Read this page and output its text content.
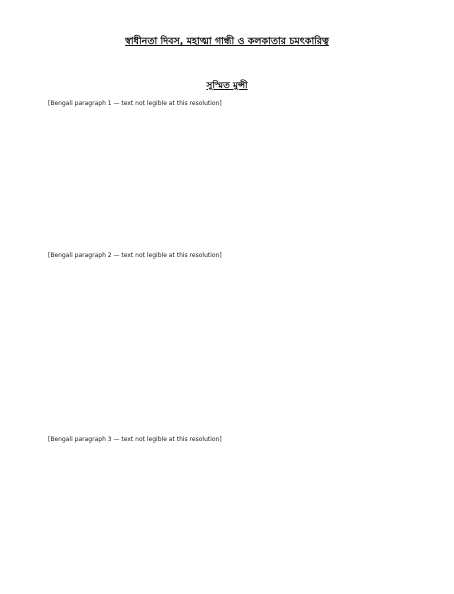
স্বাধীনতা দিবস, মহাত্মা গান্ধী ও কলকাতার চমৎকারিত্ব
সুস্মিত মুন্সী
[Bengali paragraph 1 — text not legible at this resolution]
[Bengali paragraph 2 — text not legible at this resolution]
[Bengali paragraph 3 — text not legible at this resolution]
